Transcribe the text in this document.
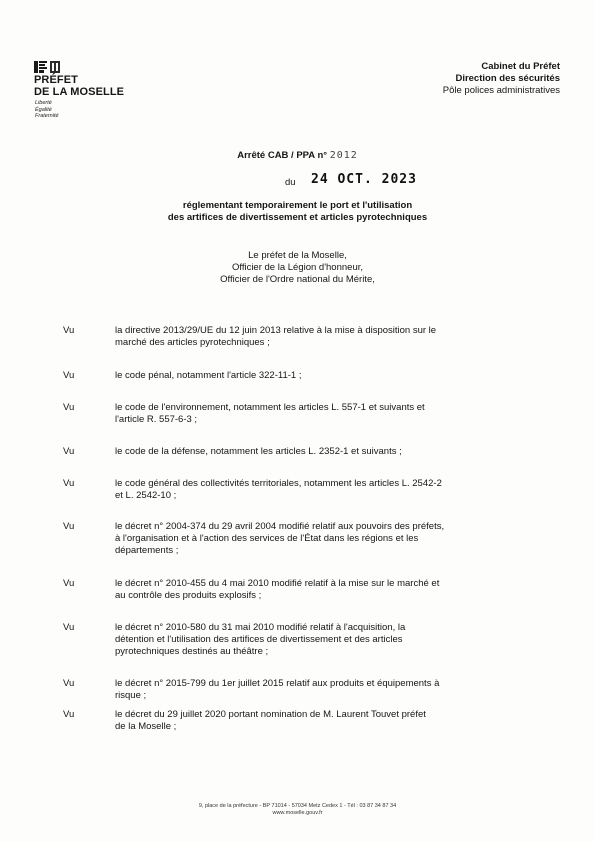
PRÉFET
DE LA MOSELLE
Liberté
Égalité
Fraternité
Cabinet du Préfet
Direction des sécurités
Pôle polices administratives
Arrêté CAB / PPA n° 2012
du 24 OCT. 2023
réglementant temporairement le port et l'utilisation
des artifices de divertissement et articles pyrotechniques
Le préfet de la Moselle,
Officier de la Légion d'honneur,
Officier de l'Ordre national du Mérite,
Vu	la directive 2013/29/UE du 12 juin 2013 relative à la mise à disposition sur le
marché des articles pyrotechniques ;
Vu	le code pénal, notamment l'article 322-11-1 ;
Vu	le code de l'environnement, notamment les articles L. 557-1 et suivants et
l'article R. 557-6-3 ;
Vu	le code de la défense, notamment les articles L. 2352-1 et suivants ;
Vu	le code général des collectivités territoriales, notamment les articles L. 2542-2
et L. 2542-10 ;
Vu	le décret n° 2004-374 du 29 avril 2004 modifié relatif aux pouvoirs des préfets,
à l'organisation et à l'action des services de l'État dans les régions et les
départements ;
Vu	le décret n° 2010-455 du 4 mai 2010 modifié relatif à la mise sur le marché et
au contrôle des produits explosifs ;
Vu	le décret n° 2010-580 du 31 mai 2010 modifié relatif à l'acquisition, la
détention et l'utilisation des artifices de divertissement et des articles
pyrotechniques destinés au théâtre ;
Vu	le décret n° 2015-799 du 1er juillet 2015 relatif aux produits et équipements à
risque ;
Vu	le décret du 29 juillet 2020 portant nomination de M. Laurent Touvet préfet
de la Moselle ;
9, place de la préfecture - BP 71014 - 57034 Metz Cedex 1 - Tél : 03 87 34 87 34
www.moselle.gouv.fr
